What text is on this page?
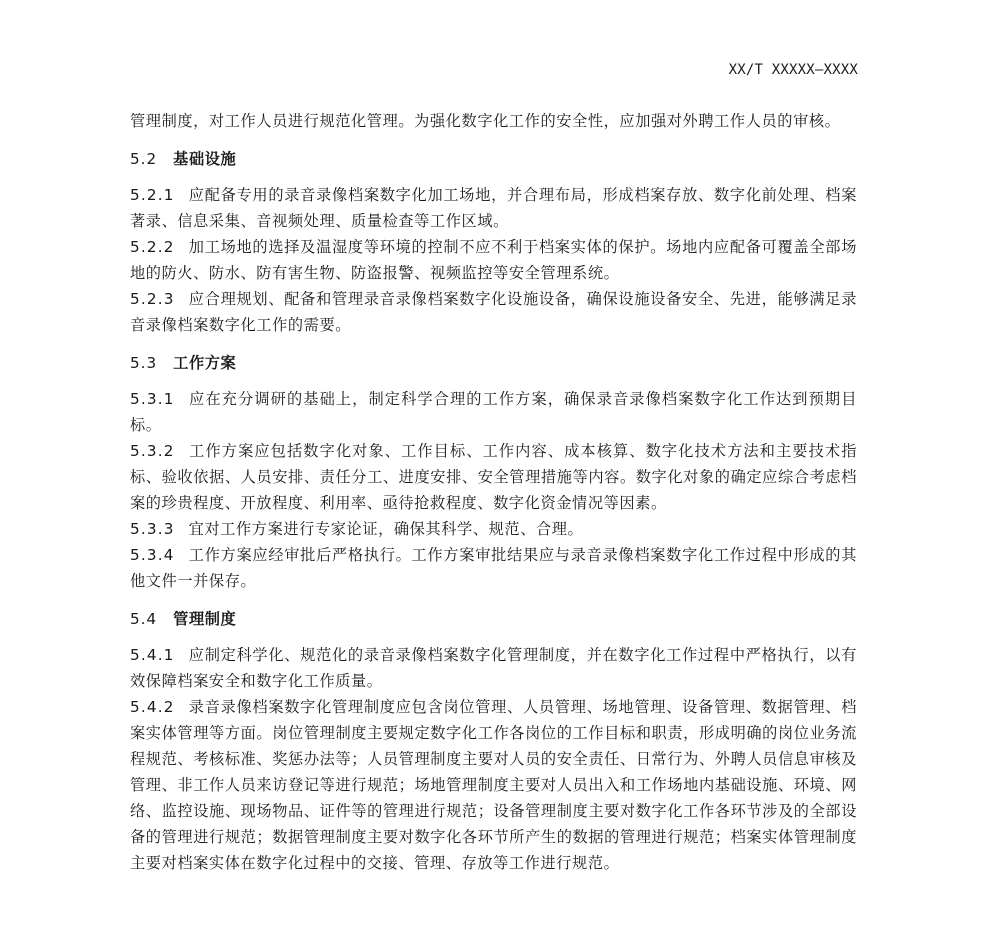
XX/T XXXXX—XXXX

管理制度，对工作人员进行规范化管理。为强化数字化工作的安全性，应加强对外聘工作人员的审核。

5.2 基础设施

5.2.1 应配备专用的录音录像档案数字化加工场地，并合理布局，形成档案存放、数字化前处理、档案著录、信息采集、音视频处理、质量检查等工作区域。

5.2.2 加工场地的选择及温湿度等环境的控制不应不利于档案实体的保护。场地内应配备可覆盖全部场地的防火、防水、防有害生物、防盗报警、视频监控等安全管理系统。

5.2.3 应合理规划、配备和管理录音录像档案数字化设施设备，确保设施设备安全、先进，能够满足录音录像档案数字化工作的需要。

5.3 工作方案

5.3.1 应在充分调研的基础上，制定科学合理的工作方案，确保录音录像档案数字化工作达到预期目标。

5.3.2 工作方案应包括数字化对象、工作目标、工作内容、成本核算、数字化技术方法和主要技术指标、验收依据、人员安排、责任分工、进度安排、安全管理措施等内容。数字化对象的确定应综合考虑档案的珍贵程度、开放程度、利用率、亟待抢救程度、数字化资金情况等因素。

5.3.3 宜对工作方案进行专家论证，确保其科学、规范、合理。

5.3.4 工作方案应经审批后严格执行。工作方案审批结果应与录音录像档案数字化工作过程中形成的其他文件一并保存。

5.4 管理制度

5.4.1 应制定科学化、规范化的录音录像档案数字化管理制度，并在数字化工作过程中严格执行，以有效保障档案安全和数字化工作质量。

5.4.2 录音录像档案数字化管理制度应包含岗位管理、人员管理、场地管理、设备管理、数据管理、档案实体管理等方面。岗位管理制度主要规定数字化工作各岗位的工作目标和职责，形成明确的岗位业务流程规范、考核标准、奖惩办法等；人员管理制度主要对人员的安全责任、日常行为、外聘人员信息审核及管理、非工作人员来访登记等进行规范；场地管理制度主要对人员出入和工作场地内基础设施、环境、网络、监控设施、现场物品、证件等的管理进行规范；设备管理制度主要对数字化工作各环节涉及的全部设备的管理进行规范；数据管理制度主要对数字化各环节所产生的数据的管理进行规范；档案实体管理制度主要对档案实体在数字化过程中的交接、管理、存放等工作进行规范。
